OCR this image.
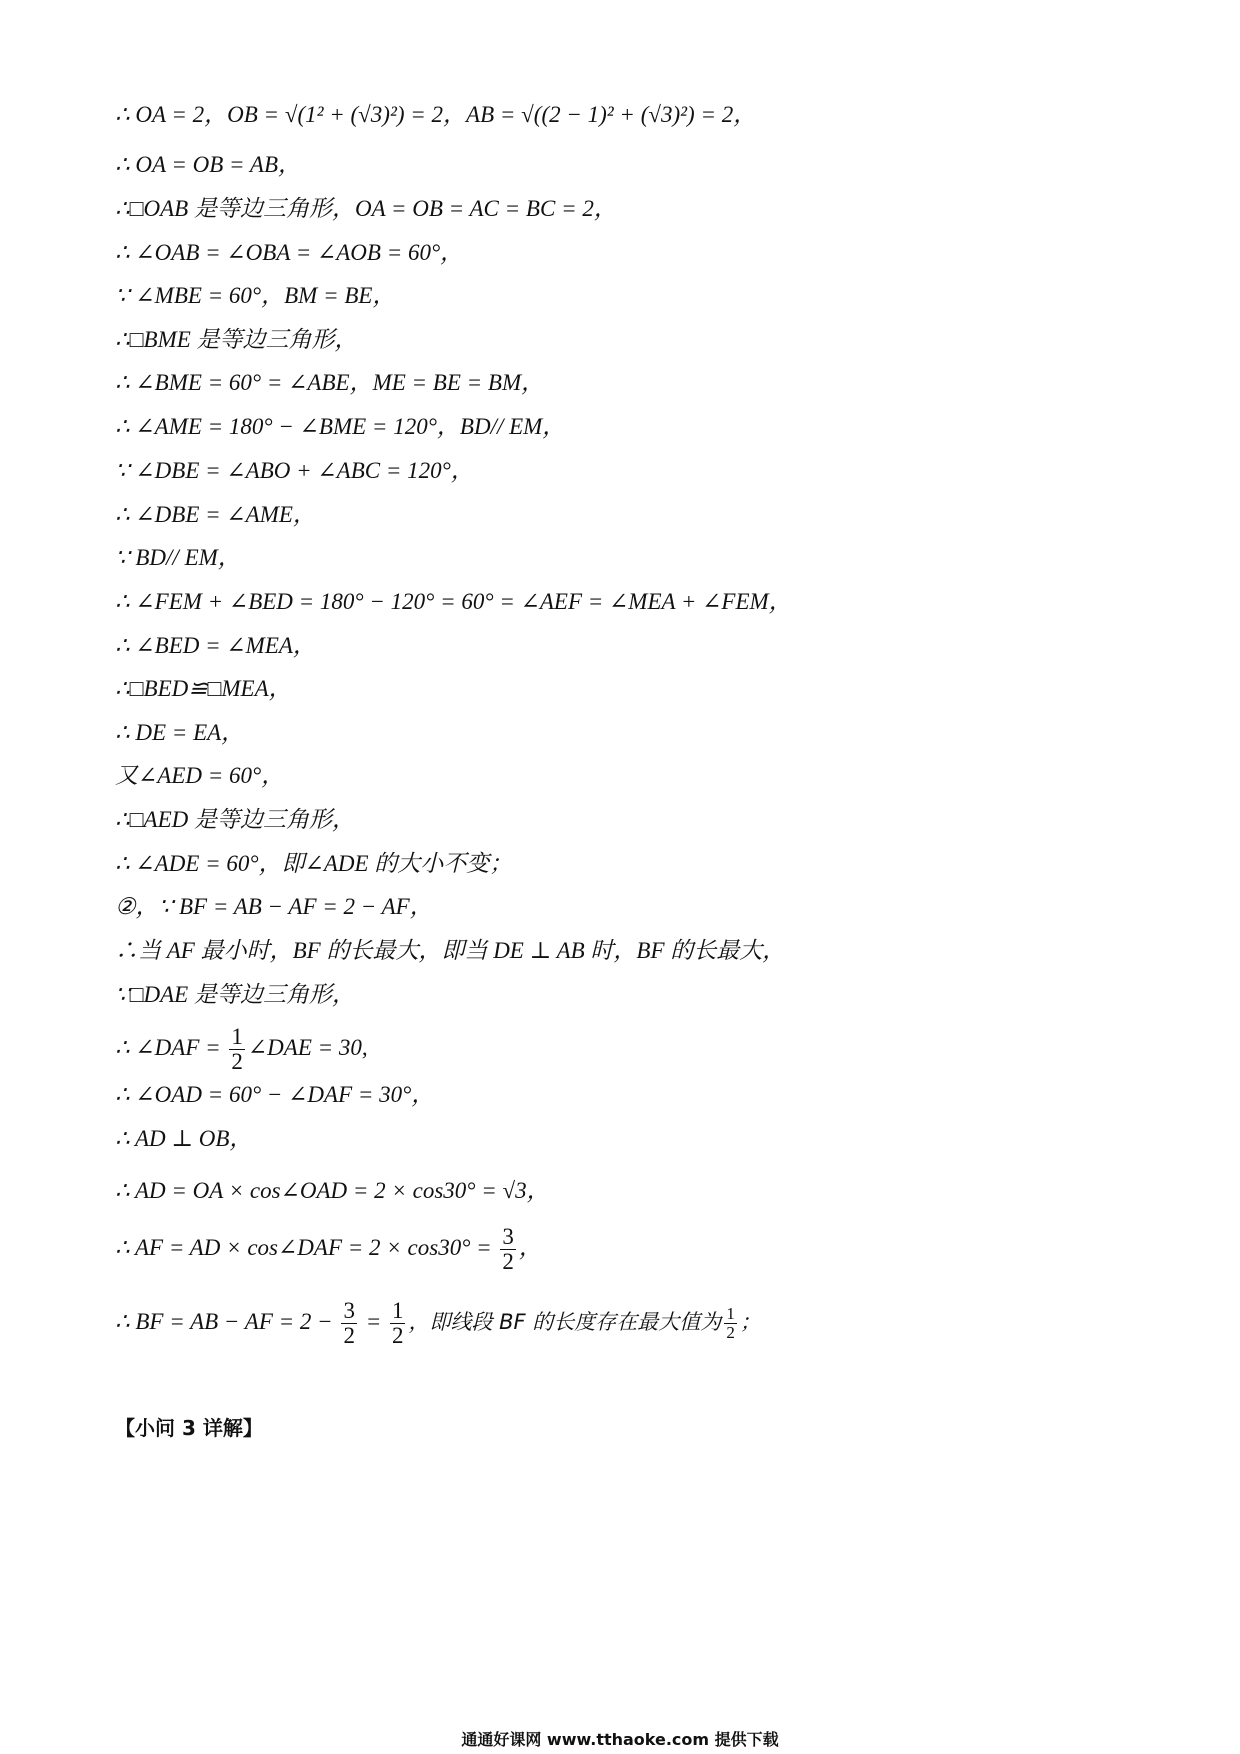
∴ OA = 2，OB = √(1² + (√3)²) = 2，AB = √((2 − 1)² + (√3)²) = 2，
∴ OA = OB = AB，
∴□OAB 是等边三角形，OA = OB = AC = BC = 2，
∴ ∠OAB = ∠OBA = ∠AOB = 60°，
∵ ∠MBE = 60°，BM = BE，
∴□BME 是等边三角形，
∴ ∠BME = 60° = ∠ABE，ME = BE = BM，
∴ ∠AME = 180° − ∠BME = 120°，BD// EM，
∵ ∠DBE = ∠ABO + ∠ABC = 120°，
∴ ∠DBE = ∠AME，
∵ BD// EM，
∴ ∠FEM + ∠BED = 180° − 120° = 60° = ∠AEF = ∠MEA + ∠FEM，
∴ ∠BED = ∠MEA，
∴□BED≌□MEA，
∴ DE = EA，
又∠AED = 60°，
∴□AED 是等边三角形，
∴ ∠ADE = 60°，即∠ADE 的大小不变；
②，∵ BF = AB − AF = 2 − AF，
∴当 AF 最小时，BF 的长最大，即当 DE ⊥ AB 时，BF 的长最大，
∵□DAE 是等边三角形，
∴ ∠DAF = $\frac{1}{2}$ ∠DAE = 30,
∴ ∠OAD = 60° − ∠DAF = 30°，
∴ AD ⊥ OB，
∴ AD = OA × cos∠OAD = 2 × cos30° = √3，
∴ AF = AD × cos∠DAF = $2 \times \cos 30^\circ = \frac{3}{2}$ ，
∴ BF = AB − AF = $2 - \frac{3}{2} = \frac{1}{2}$ ，即线段 BF 的长度存在最大值为 $\frac{1}{2}$ ；
【小问 3 详解】
通通好课网 www.tthaoke.com 提供下载
